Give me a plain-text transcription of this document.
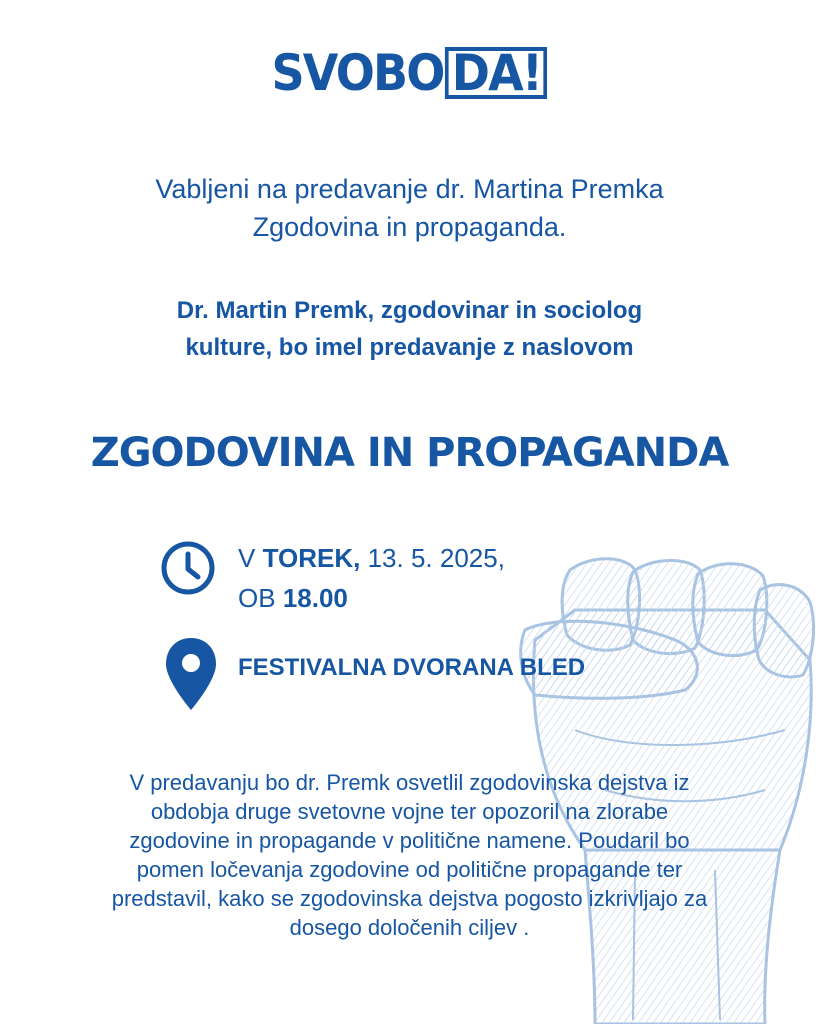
SVOBO DA!
Vabljeni na predavanje dr. Martina Premka
Zgodovina in propaganda.
Dr. Martin Premk, zgodovinar in sociolog
kulture, bo imel predavanje z naslovom
ZGODOVINA IN PROPAGANDA
V TOREK, 13. 5. 2025,
OB 18.00
FESTIVALNA DVORANA BLED
V predavanju bo dr. Premk osvetlil zgodovinska dejstva iz
obdobja druge svetovne vojne ter opozoril na zlorabe
zgodovine in propagande v politične namene. Poudaril bo
pomen ločevanja zgodovine od politične propagande ter
predstavil, kako se zgodovinska dejstva pogosto izkrivljajo za
dosego določenih ciljev .
